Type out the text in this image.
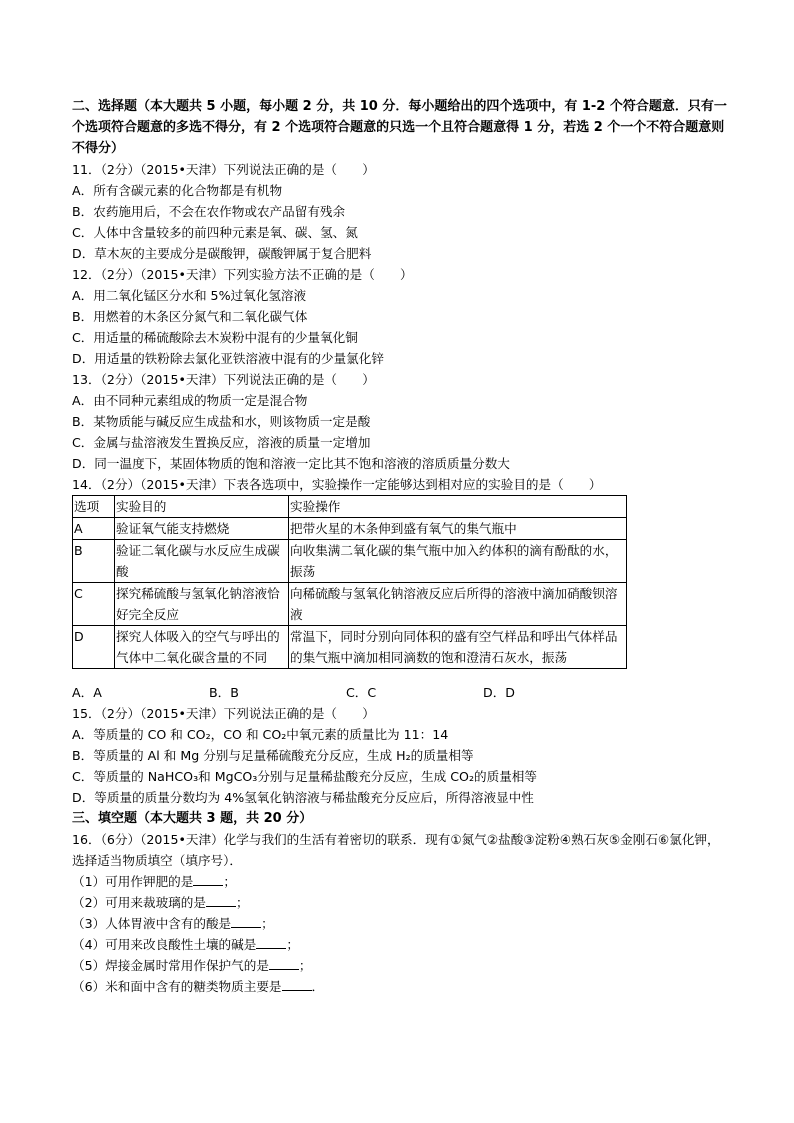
二、选择题（本大题共 5 小题，每小题 2 分，共 10 分．每小题给出的四个选项中，有 1-2 个符合题意．只有一个选项符合题意的多选不得分，有 2 个选项符合题意的只选一个且符合题意得 1 分，若选 2 个一个不符合题意则不得分）
11．（2分）（2015•天津）下列说法正确的是（　　）
A．所有含碳元素的化合物都是有机物
B．农药施用后，不会在农作物或农产品留有残余
C．人体中含量较多的前四种元素是氧、碳、氢、氮
D．草木灰的主要成分是碳酸钾，碳酸钾属于复合肥料
12．（2分）（2015•天津）下列实验方法不正确的是（　　）
A．用二氧化锰区分水和 5%过氧化氢溶液
B．用燃着的木条区分氮气和二氧化碳气体
C．用适量的稀硫酸除去木炭粉中混有的少量氧化铜
D．用适量的铁粉除去氯化亚铁溶液中混有的少量氯化锌
13．（2分）（2015•天津）下列说法正确的是（　　）
A．由不同种元素组成的物质一定是混合物
B．某物质能与碱反应生成盐和水，则该物质一定是酸
C．金属与盐溶液发生置换反应，溶液的质量一定增加
D．同一温度下，某固体物质的饱和溶液一定比其不饱和溶液的溶质质量分数大
14．（2分）（2015•天津）下表各选项中，实验操作一定能够达到相对应的实验目的是（　　）
选项	实验目的	实验操作
A	验证氧气能支持燃烧	把带火星的木条伸到盛有氧气的集气瓶中
B	验证二氧化碳与水反应生成碳酸	向收集满二氧化碳的集气瓶中加入约体积的滴有酚酞的水，振荡
C	探究稀硫酸与氢氧化钠溶液恰好完全反应	向稀硫酸与氢氧化钠溶液反应后所得的溶液中滴加硝酸钡溶液
D	探究人体吸入的空气与呼出的气体中二氧化碳含量的不同	常温下，同时分别向同体积的盛有空气样品和呼出气体样品的集气瓶中滴加相同滴数的饱和澄清石灰水，振荡
A．A	B．B	C．C	D．D
15．（2分）（2015•天津）下列说法正确的是（　　）
A．等质量的 CO 和 CO₂，CO 和 CO₂中氧元素的质量比为 11：14
B．等质量的 Al 和 Mg 分别与足量稀硫酸充分反应，生成 H₂的质量相等
C．等质量的 NaHCO₃和 MgCO₃分别与足量稀盐酸充分反应，生成 CO₂的质量相等
D．等质量的质量分数均为 4%氢氧化钠溶液与稀盐酸充分反应后，所得溶液显中性
三、填空题（本大题共 3 题，共 20 分）
16．（6分）（2015•天津）化学与我们的生活有着密切的联系．现有①氮气②盐酸③淀粉④熟石灰⑤金刚石⑥氯化钾，选择适当物质填空（填序号）．
（1）可用作钾肥的是 ；
（2）可用来裁玻璃的是 ；
（3）人体胃液中含有的酸是 ；
（4）可用来改良酸性土壤的碱是 ；
（5）焊接金属时常用作保护气的是 ；
（6）米和面中含有的糖类物质主要是 ．
